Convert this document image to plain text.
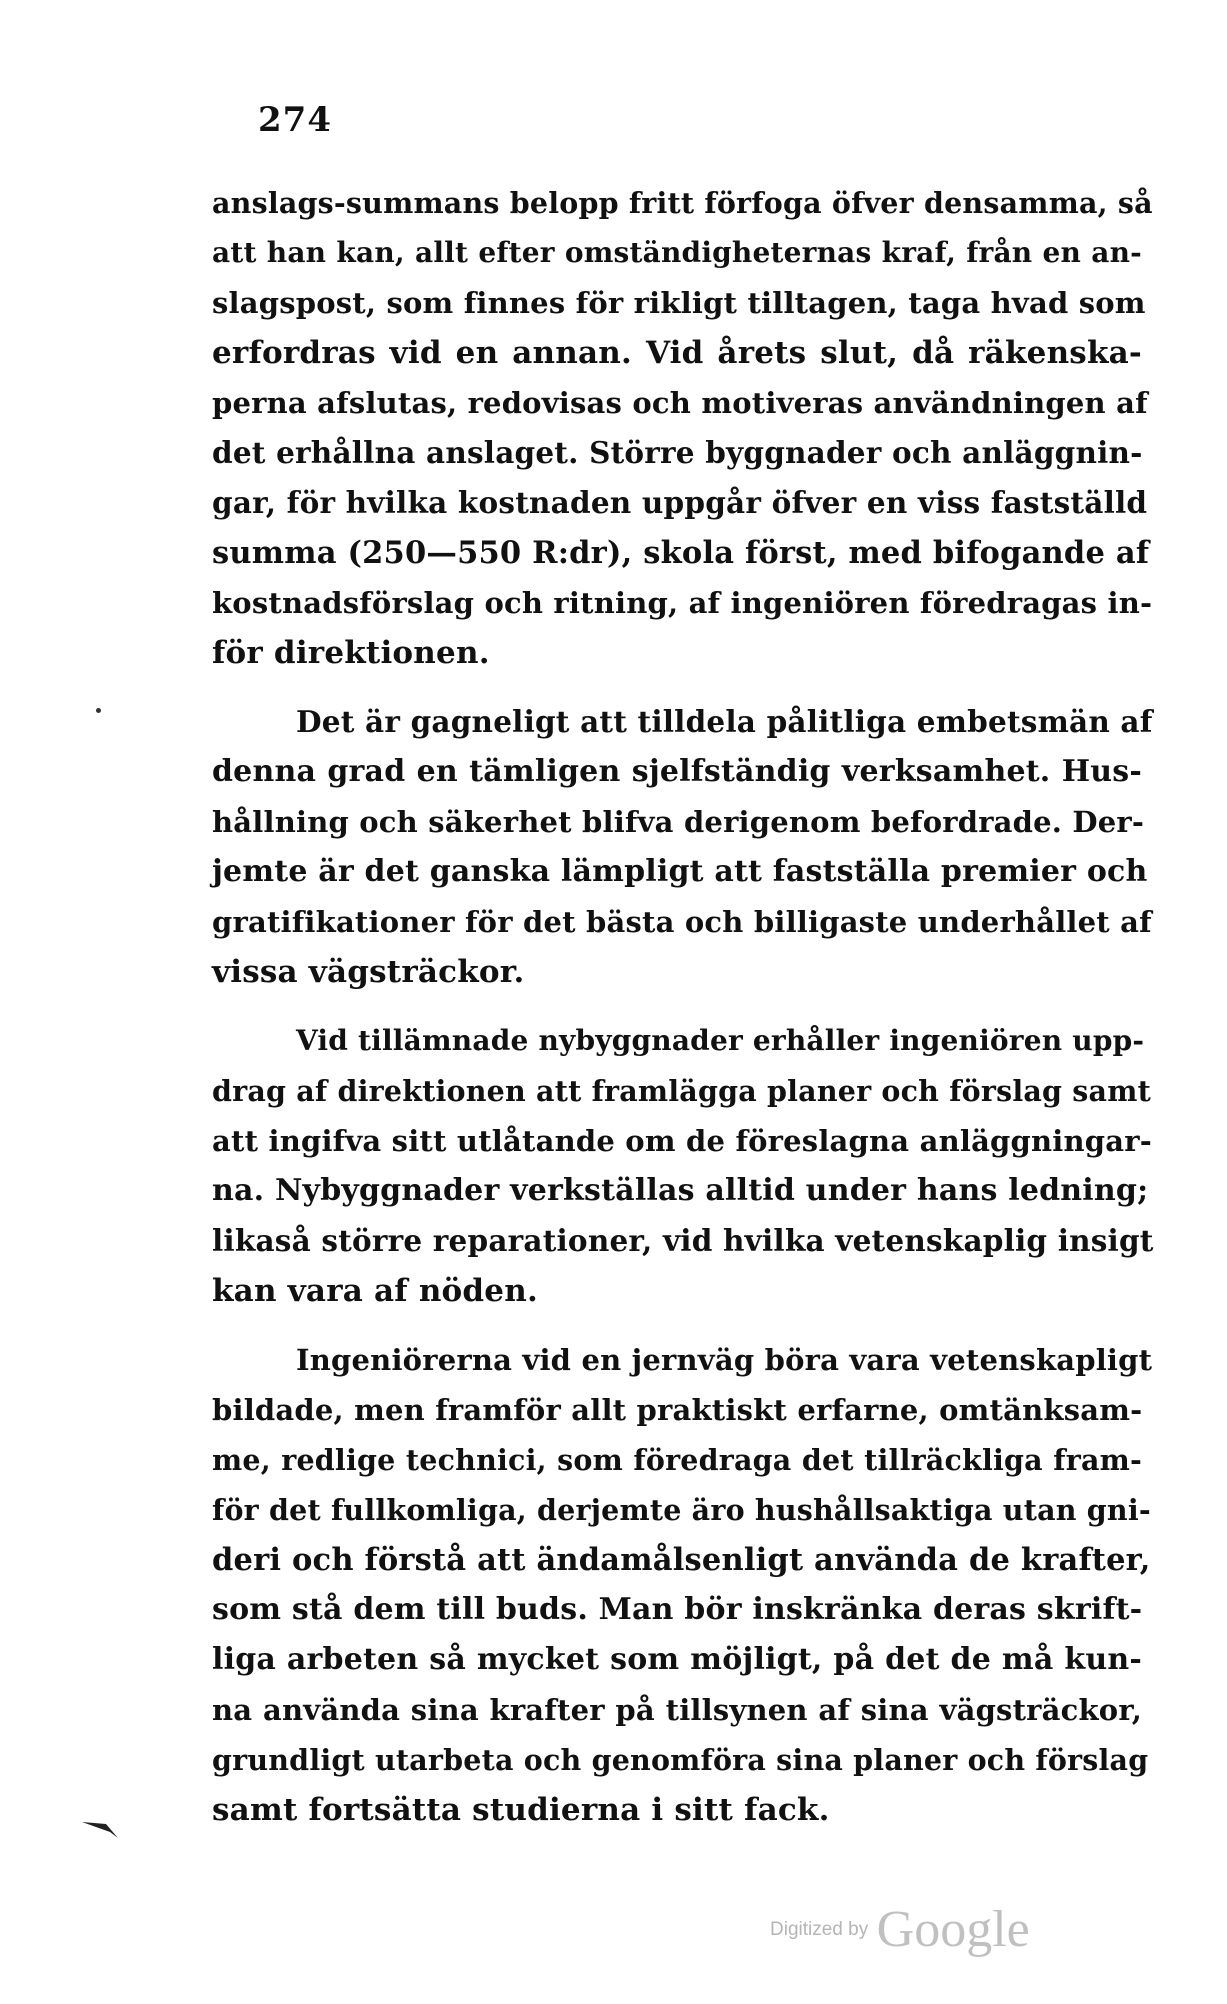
274
anslags-summans belopp fritt förfoga öfver densamma, så
att han kan, allt efter omständigheternas kraf, från en an-
slagspost, som finnes för rikligt tilltagen, taga hvad som
erfordras vid en annan. Vid årets slut, då räkenska-
perna afslutas, redovisas och motiveras användningen af
det erhållna anslaget. Större byggnader och anläggnin-
gar, för hvilka kostnaden uppgår öfver en viss fastställd
summa (250—550 R:dr), skola först, med bifogande af
kostnadsförslag och ritning, af ingeniören föredragas in-
för direktionen.
Det är gagneligt att tilldela pålitliga embetsmän af
denna grad en tämligen sjelfständig verksamhet. Hus-
hållning och säkerhet blifva derigenom befordrade. Der-
jemte är det ganska lämpligt att fastställa premier och
gratifikationer för det bästa och billigaste underhållet af
vissa vägsträckor.
Vid tillämnade nybyggnader erhåller ingeniören upp-
drag af direktionen att framlägga planer och förslag samt
att ingifva sitt utlåtande om de föreslagna anläggningar-
na. Nybyggnader verkställas alltid under hans ledning;
likaså större reparationer, vid hvilka vetenskaplig insigt
kan vara af nöden.
Ingeniörerna vid en jernväg böra vara vetenskapligt
bildade, men framför allt praktiskt erfarne, omtänksam-
me, redlige technici, som föredraga det tillräckliga fram-
för det fullkomliga, derjemte äro hushållsaktiga utan gni-
deri och förstå att ändamålsenligt använda de krafter,
som stå dem till buds. Man bör inskränka deras skrift-
liga arbeten så mycket som möjligt, på det de må kun-
na använda sina krafter på tillsynen af sina vägsträckor,
grundligt utarbeta och genomföra sina planer och förslag
samt fortsätta studierna i sitt fack.
Digitized by Google
